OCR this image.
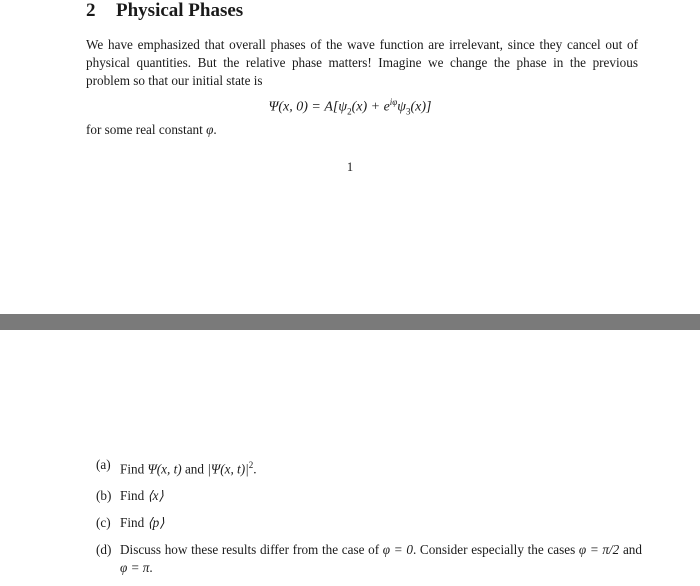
2 Physical Phases
We have emphasized that overall phases of the wave function are irrelevant, since they cancel out of physical quantities. But the relative phase matters! Imagine we change the phase in the previous problem so that our initial state is
Ψ(x, $0) = A[\psi_2(x) + e^{i\varphi}\psi_3(x)]$
for some real constant φ.
1
(a) Find Ψ(x, t) and |Ψ(x, $t)|^2$.
(b) Find ⟨x⟩
(c) Find ⟨p⟩
(d) Discuss how these results differ from the case of φ = 0. Consider especially the cases φ = π/2 and φ = π.
